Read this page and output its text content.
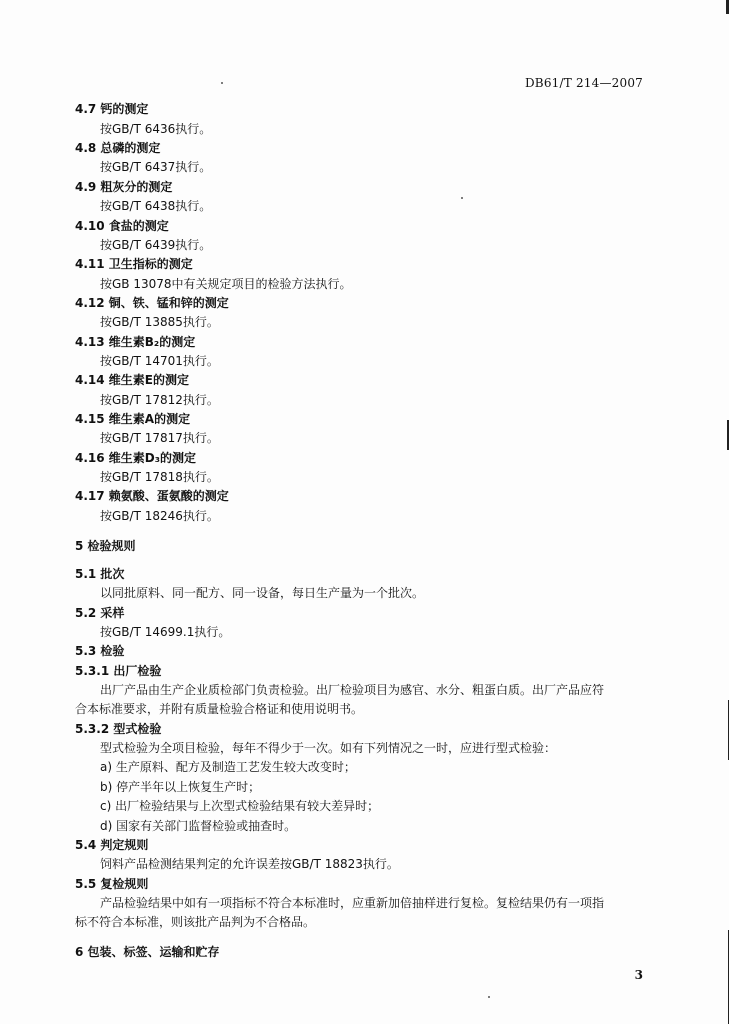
DB61/T 214—2007
4.7 钙的测定
按GB/T 6436执行。
4.8 总磷的测定
按GB/T 6437执行。
4.9 粗灰分的测定
按GB/T 6438执行。
4.10 食盐的测定
按GB/T 6439执行。
4.11 卫生指标的测定
按GB 13078中有关规定项目的检验方法执行。
4.12 铜、铁、锰和锌的测定
按GB/T 13885执行。
4.13 维生素B₂的测定
按GB/T 14701执行。
4.14 维生素E的测定
按GB/T 17812执行。
4.15 维生素A的测定
按GB/T 17817执行。
4.16 维生素D₃的测定
按GB/T 17818执行。
4.17 赖氨酸、蛋氨酸的测定
按GB/T 18246执行。
5 检验规则
5.1 批次
以同批原料、同一配方、同一设备，每日生产量为一个批次。
5.2 采样
按GB/T 14699.1执行。
5.3 检验
5.3.1 出厂检验
出厂产品由生产企业质检部门负责检验。出厂检验项目为感官、水分、粗蛋白质。出厂产品应符
合本标准要求，并附有质量检验合格证和使用说明书。
5.3.2 型式检验
型式检验为全项目检验，每年不得少于一次。如有下列情况之一时，应进行型式检验：
a) 生产原料、配方及制造工艺发生较大改变时；
b) 停产半年以上恢复生产时；
c) 出厂检验结果与上次型式检验结果有较大差异时；
d) 国家有关部门监督检验或抽查时。
5.4 判定规则
饲料产品检测结果判定的允许误差按GB/T 18823执行。
5.5 复检规则
产品检验结果中如有一项指标不符合本标准时，应重新加倍抽样进行复检。复检结果仍有一项指
标不符合本标准，则该批产品判为不合格品。
6 包装、标签、运输和贮存
3
